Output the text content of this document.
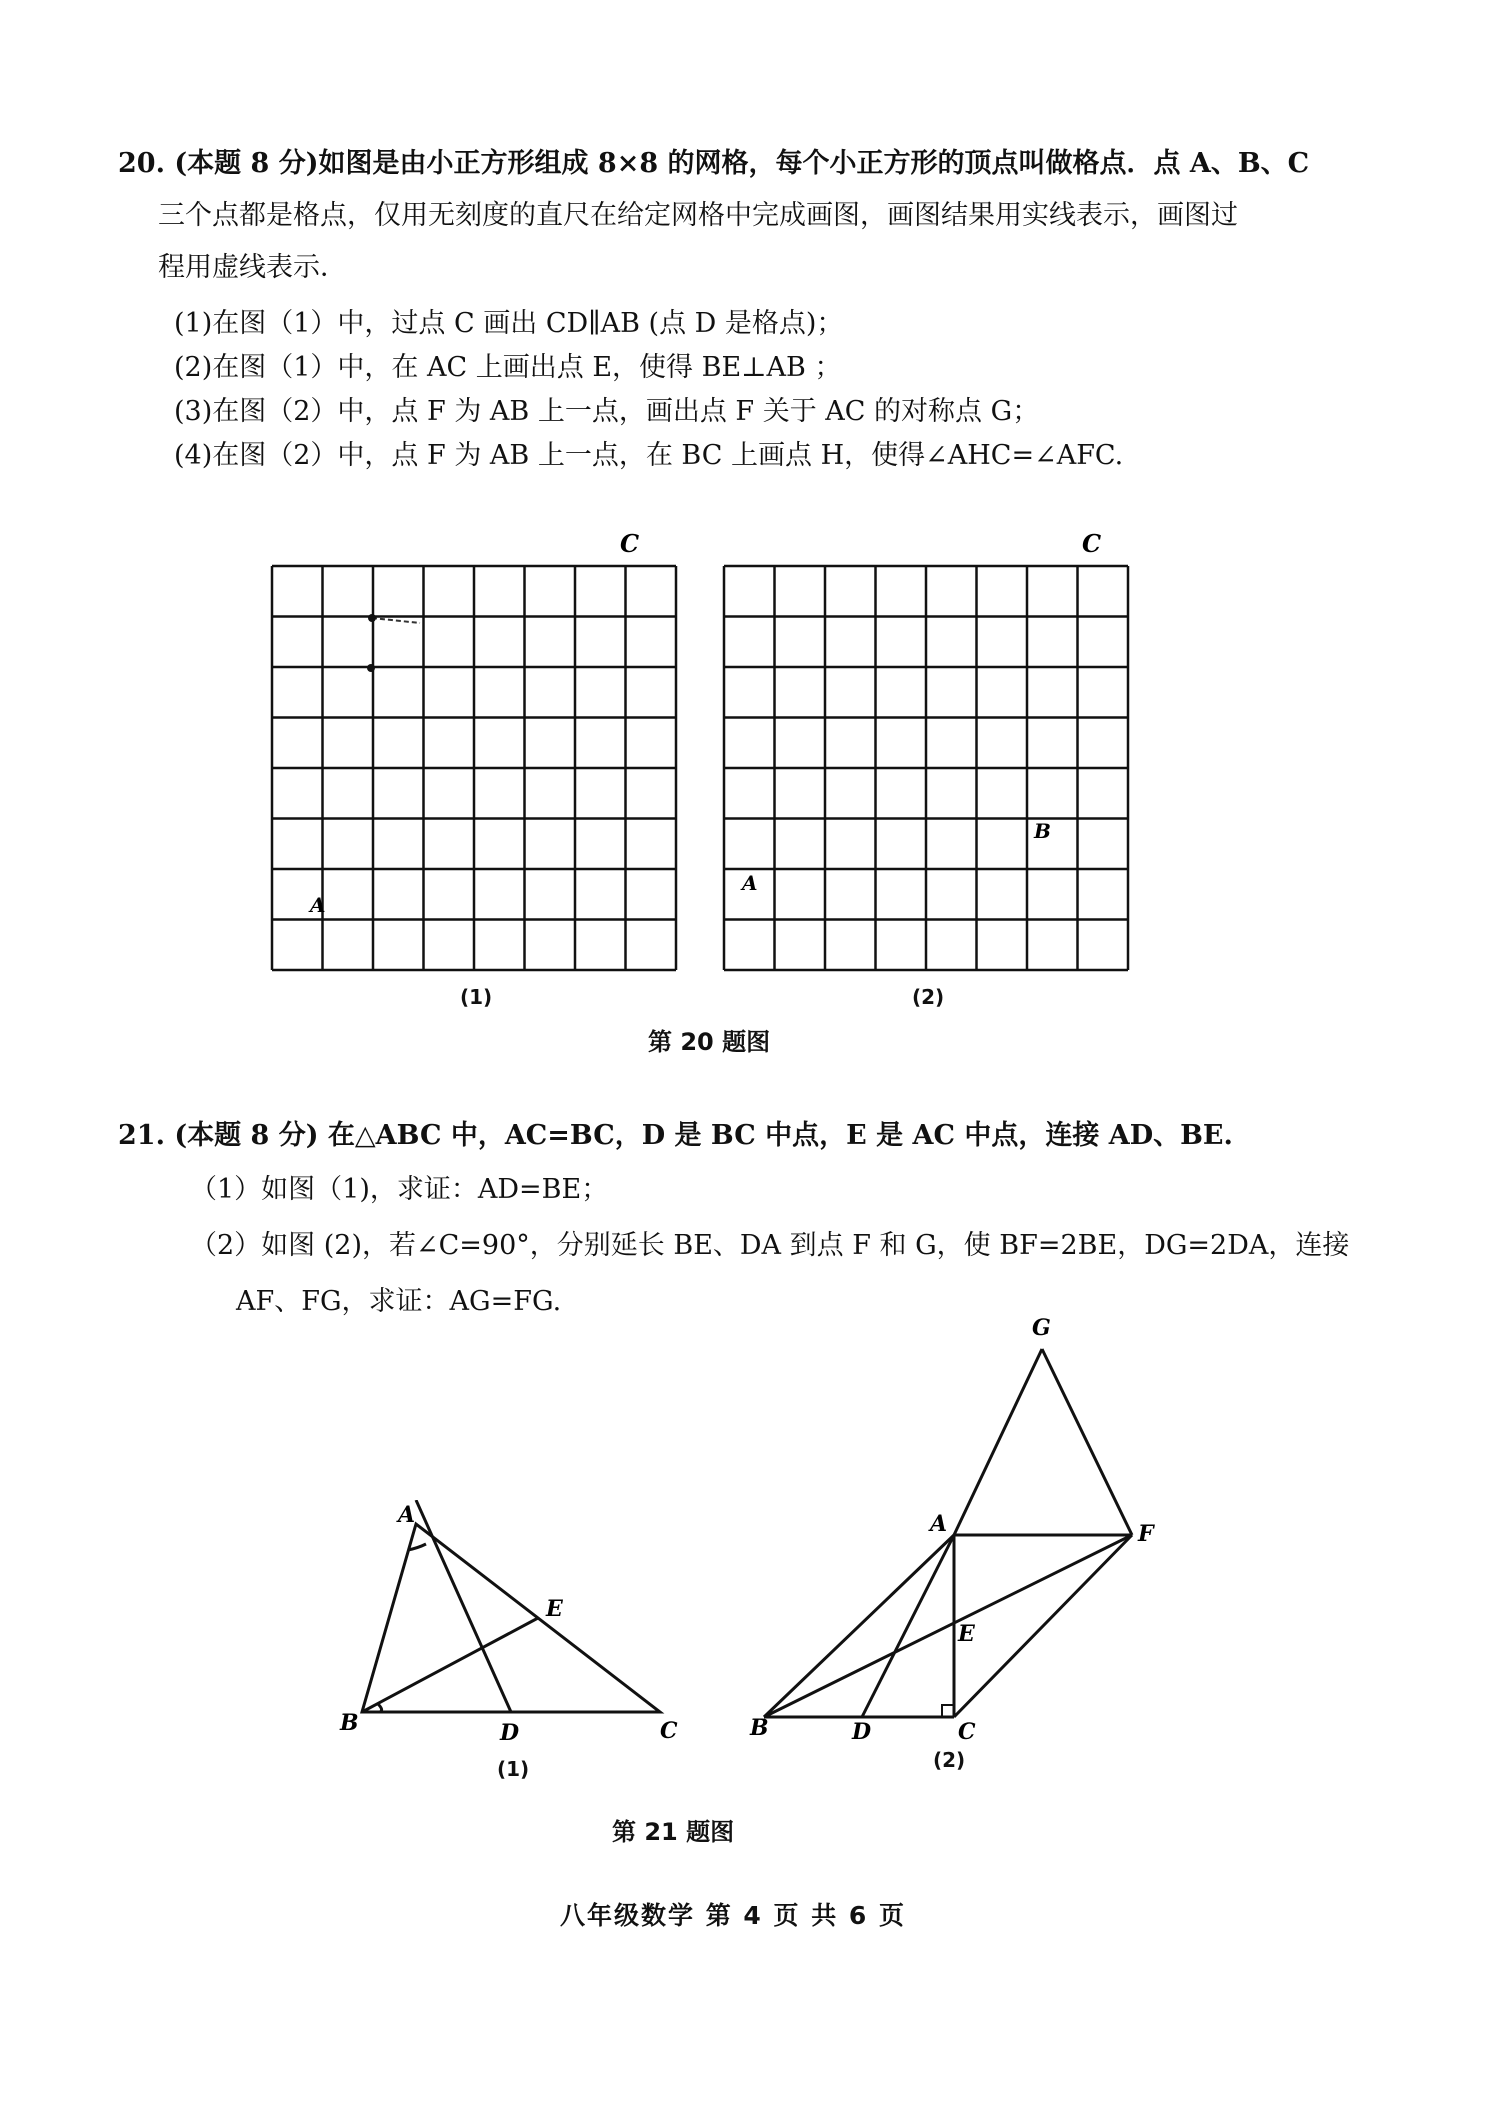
20. (本题 8 分)如图是由小正方形组成 8×8 的网格，每个小正方形的顶点叫做格点．点 A、B、C
三个点都是格点，仅用无刻度的直尺在给定网格中完成画图，画图结果用实线表示，画图过
程用虚线表示．
(1)在图（1）中，过点 C 画出 CD∥AB (点 D 是格点)；
(2)在图（1）中，在 AC 上画出点 E，使得 BE⊥AB ；
(3)在图（2）中，点 F 为 AB 上一点，画出点 F 关于 AC 的对称点 G；
(4)在图（2）中，点 F 为 AB 上一点，在 BC 上画点 H，使得∠AHC=∠AFC.
C
A
(1)
C
A
B
(2)
第 20 题图
21. (本题 8 分) 在△ABC 中，AC=BC，D 是 BC 中点，E 是 AC 中点，连接 AD、BE.
（1）如图（1)，求证：AD=BE；
（2）如图 (2)，若∠C=90°，分别延长 BE、DA 到点 F 和 G，使 BF=2BE，DG=2DA，连接
AF、FG，求证：AG=FG.
A
B	C
D
E
(1)
G
A	F
E
B	D	C
(2)
第 21 题图
八年级数学 第 4 页 共 6 页
